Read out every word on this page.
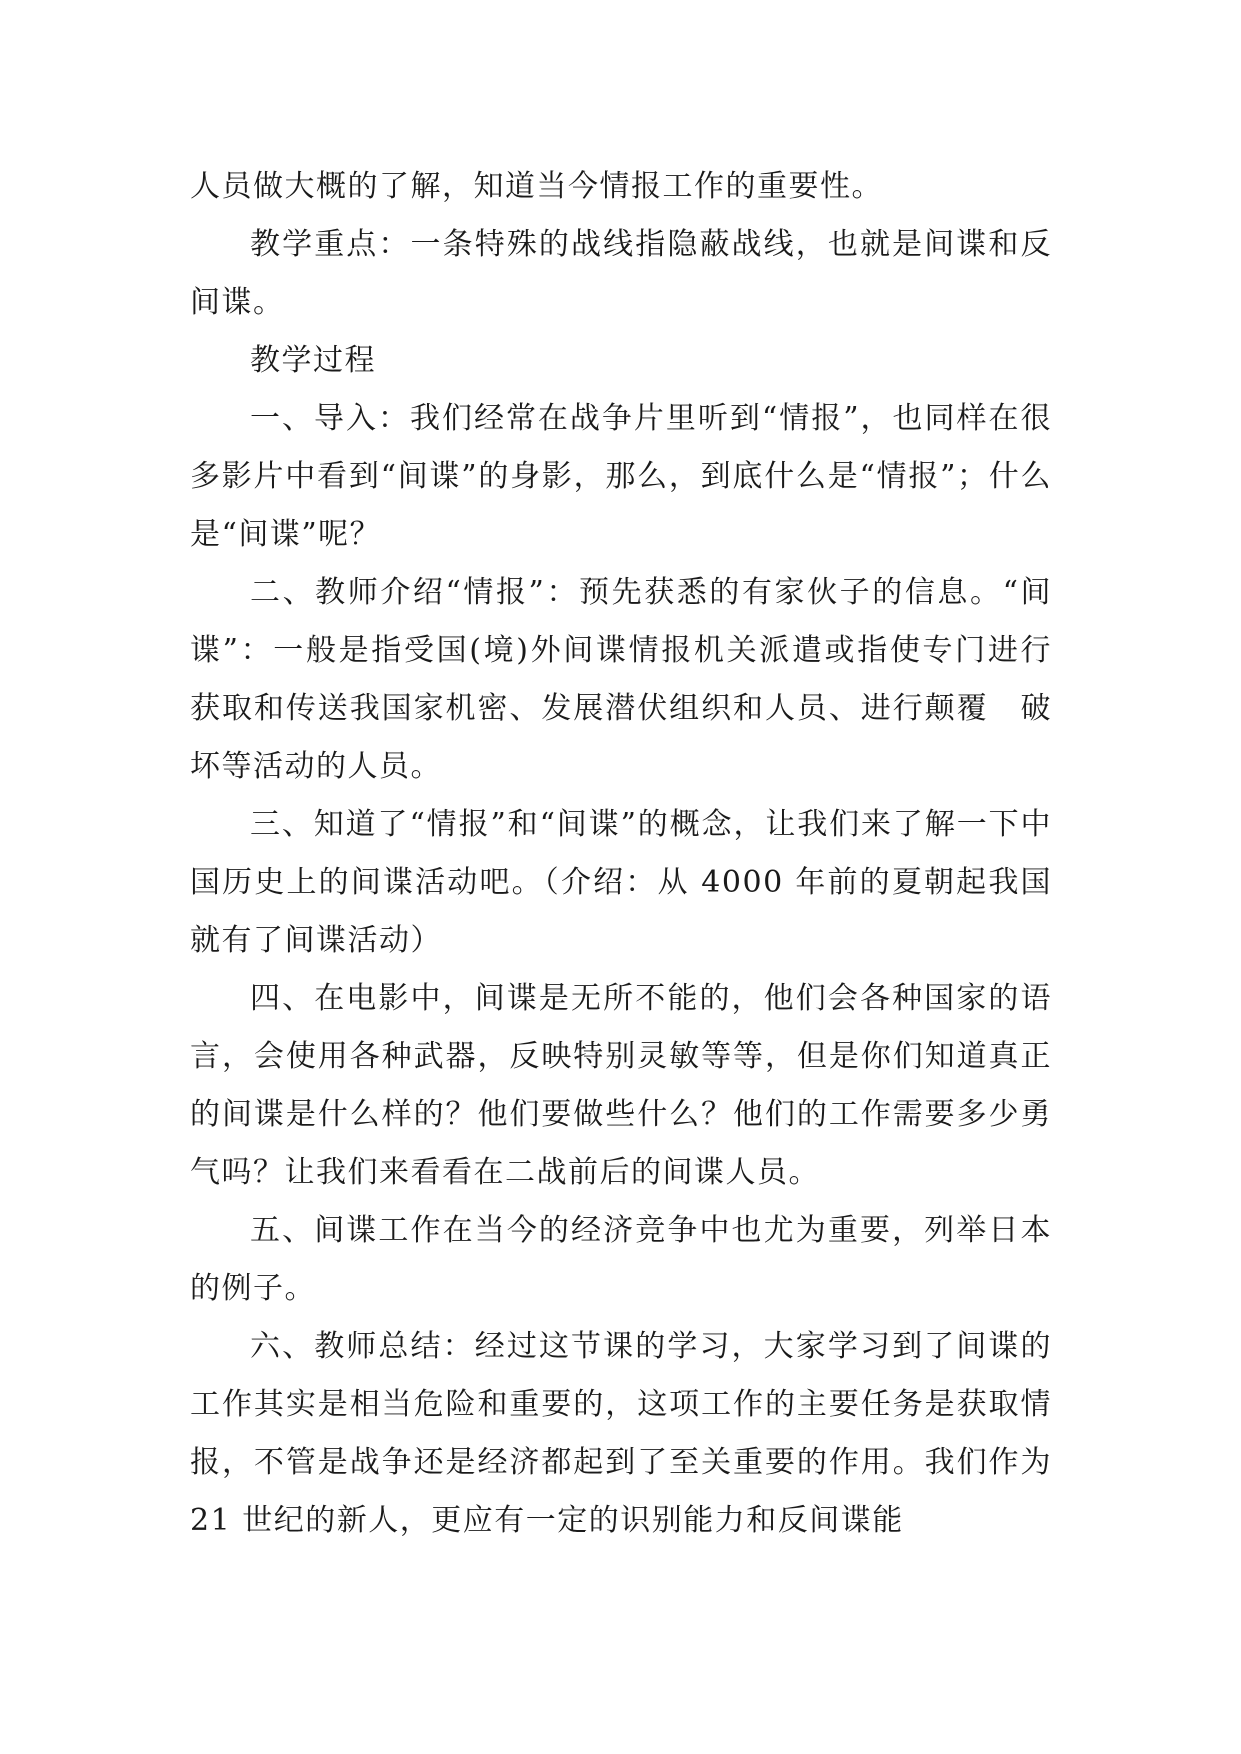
人员做大概的了解，知道当今情报工作的重要性。

教学重点：一条特殊的战线指隐蔽战线，也就是间谍和反间谍。

教学过程

一、导入：我们经常在战争片里听到“情报”，也同样在很多影片中看到“间谍”的身影，那么，到底什么是“情报”；什么是“间谍”呢？

二、教师介绍“情报”：预先获悉的有家伙子的信息。“间谍”：一般是指受国(境)外间谍情报机关派遣或指使专门进行获取和传送我国家机密、发展潜伏组织和人员、进行颠覆　破坏等活动的人员。

三、知道了“情报”和“间谍”的概念，让我们来了解一下中国历史上的间谍活动吧。（介绍：从 4000 年前的夏朝起我国就有了间谍活动）

四、在电影中，间谍是无所不能的，他们会各种国家的语言，会使用各种武器，反映特别灵敏等等，但是你们知道真正的间谍是什么样的？他们要做些什么？他们的工作需要多少勇气吗？让我们来看看在二战前后的间谍人员。

五、间谍工作在当今的经济竞争中也尤为重要，列举日本的例子。

六、教师总结：经过这节课的学习，大家学习到了间谍的工作其实是相当危险和重要的，这项工作的主要任务是获取情报，不管是战争还是经济都起到了至关重要的作用。我们作为 21 世纪的新人，更应有一定的识别能力和反间谍能
